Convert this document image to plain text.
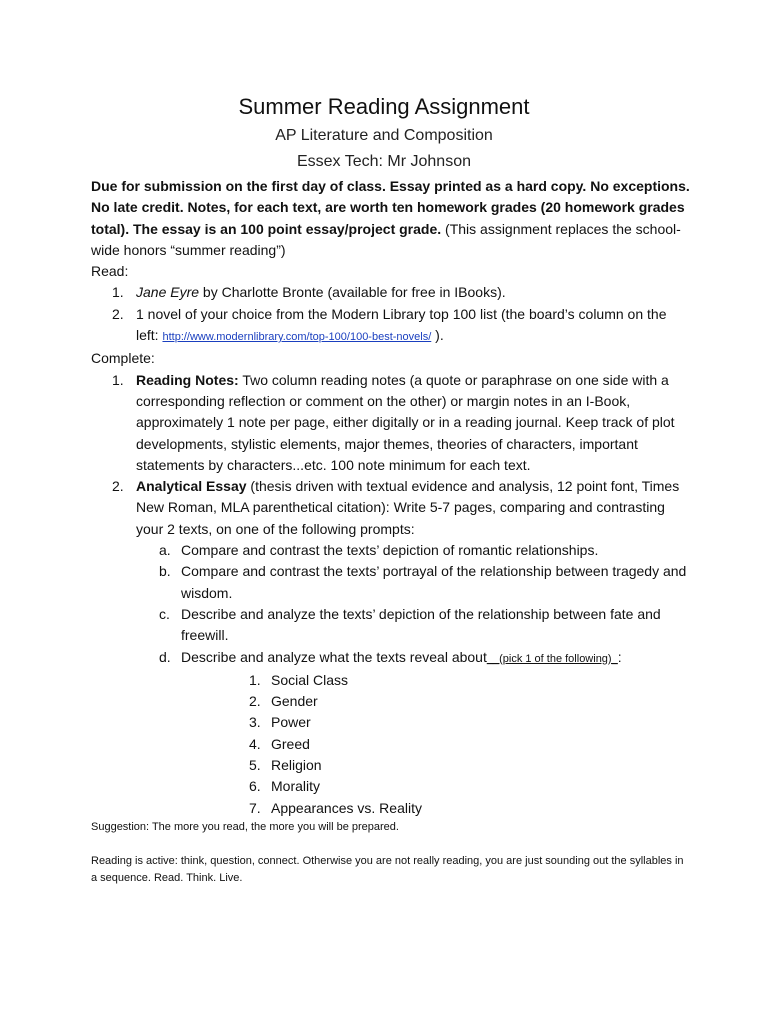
Summer Reading Assignment
AP Literature and Composition
Essex Tech: Mr Johnson
Due for submission on the first day of class. Essay printed as a hard copy. No exceptions. No late credit. Notes, for each text, are worth ten homework grades (20 homework grades total). The essay is an 100 point essay/project grade. (This assignment replaces the school-wide honors “summer reading”)
Read:
1. Jane Eyre by Charlotte Bronte (available for free in IBooks).
2. 1 novel of your choice from the Modern Library top 100 list (the board’s column on the left: http://www.modernlibrary.com/top-100/100-best-novels/ ).
Complete:
1. Reading Notes: Two column reading notes (a quote or paraphrase on one side with a corresponding reflection or comment on the other) or margin notes in an I-Book, approximately 1 note per page, either digitally or in a reading journal. Keep track of plot developments, stylistic elements, major themes, theories of characters, important statements by characters...etc. 100 note minimum for each text.
2. Analytical Essay (thesis driven with textual evidence and analysis, 12 point font, Times New Roman, MLA parenthetical citation): Write 5-7 pages, comparing and contrasting your 2 texts, on one of the following prompts:
a. Compare and contrast the texts’ depiction of romantic relationships.
b. Compare and contrast the texts’ portrayal of the relationship between tragedy and wisdom.
c. Describe and analyze the texts’ depiction of the relationship between fate and freewill.
d. Describe and analyze what the texts reveal about__(pick 1 of the following)_:
1. Social Class
2. Gender
3. Power
4. Greed
5. Religion
6. Morality
7. Appearances vs. Reality
Suggestion: The more you read, the more you will be prepared.
Reading is active: think, question, connect. Otherwise you are not really reading, you are just sounding out the syllables in a sequence. Read. Think. Live.
